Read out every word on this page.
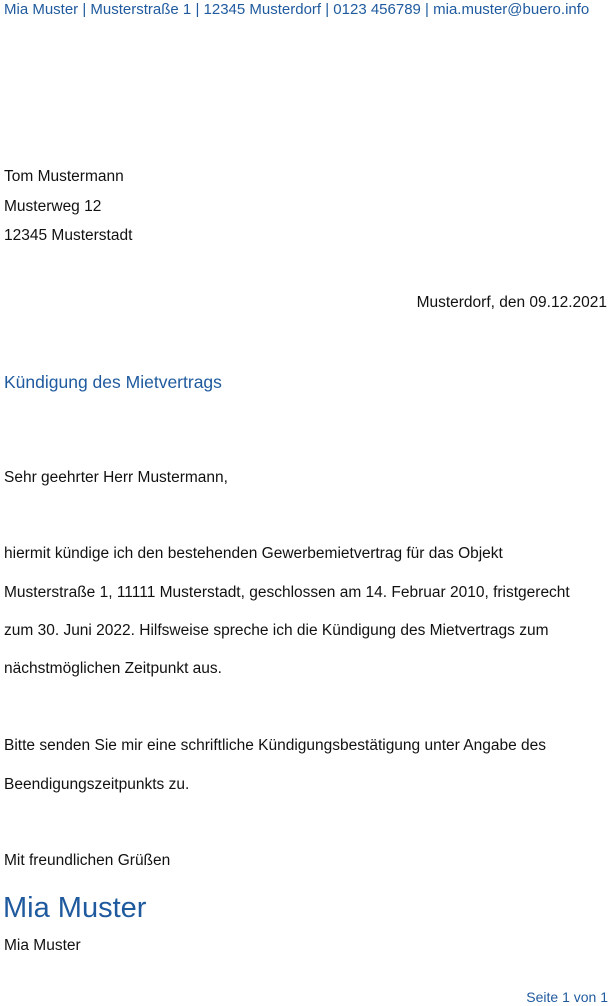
Mia Muster | Musterstraße 1 | 12345 Musterdorf | 0123 456789 | mia.muster@buero.info
Tom Mustermann
Musterweg 12
12345 Musterstadt
Musterdorf, den 09.12.2021
Kündigung des Mietvertrags
Sehr geehrter Herr Mustermann,
hiermit kündige ich den bestehenden Gewerbemietvertrag für das Objekt
Musterstraße 1, 11111 Musterstadt, geschlossen am 14. Februar 2010, fristgerecht
zum 30. Juni 2022. Hilfsweise spreche ich die Kündigung des Mietvertrags zum
nächstmöglichen Zeitpunkt aus.
Bitte senden Sie mir eine schriftliche Kündigungsbestätigung unter Angabe des
Beendigungszeitpunkts zu.
Mit freundlichen Grüßen
Mia Muster
Mia Muster
Seite 1 von 1
